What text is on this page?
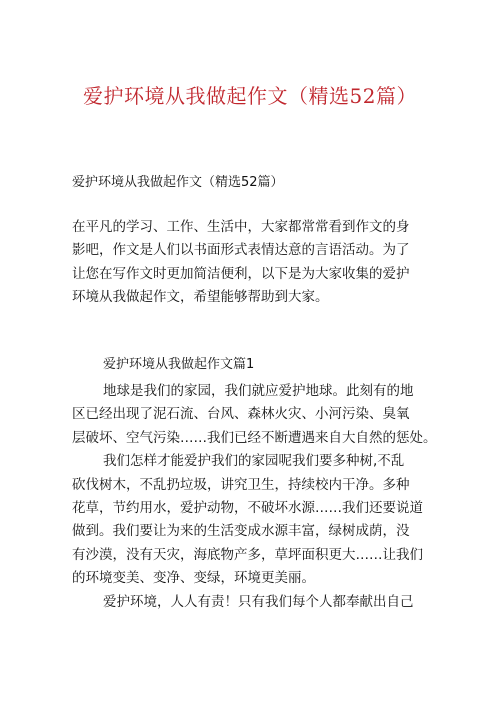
爱护环境从我做起作文（精选52篇）
爱护环境从我做起作文（精选52篇）
在平凡的学习、工作、生活中，大家都常常看到作文的身
影吧，作文是人们以书面形式表情达意的言语活动。为了
让您在写作文时更加简洁便利，以下是为大家收集的爱护
环境从我做起作文，希望能够帮助到大家。
爱护环境从我做起作文篇1
地球是我们的家园，我们就应爱护地球。此刻有的地
区已经出现了泥石流、台风、森林火灾、小河污染、臭氧
层破坏、空气污染……我们已经不断遭遇来自大自然的惩处。
我们怎样才能爱护我们的家园呢我们要多种树,不乱
砍伐树木，不乱扔垃圾，讲究卫生，持续校内干净。多种
花草，节约用水，爱护动物，不破坏水源……我们还要说道
做到。我们要让为来的生活变成水源丰富，绿树成荫，没
有沙漠，没有天灾，海底物产多，草坪面积更大……让我们
的环境变美、变净、变绿，环境更美丽。
爱护环境，人人有责！只有我们每个人都奉献出自己
